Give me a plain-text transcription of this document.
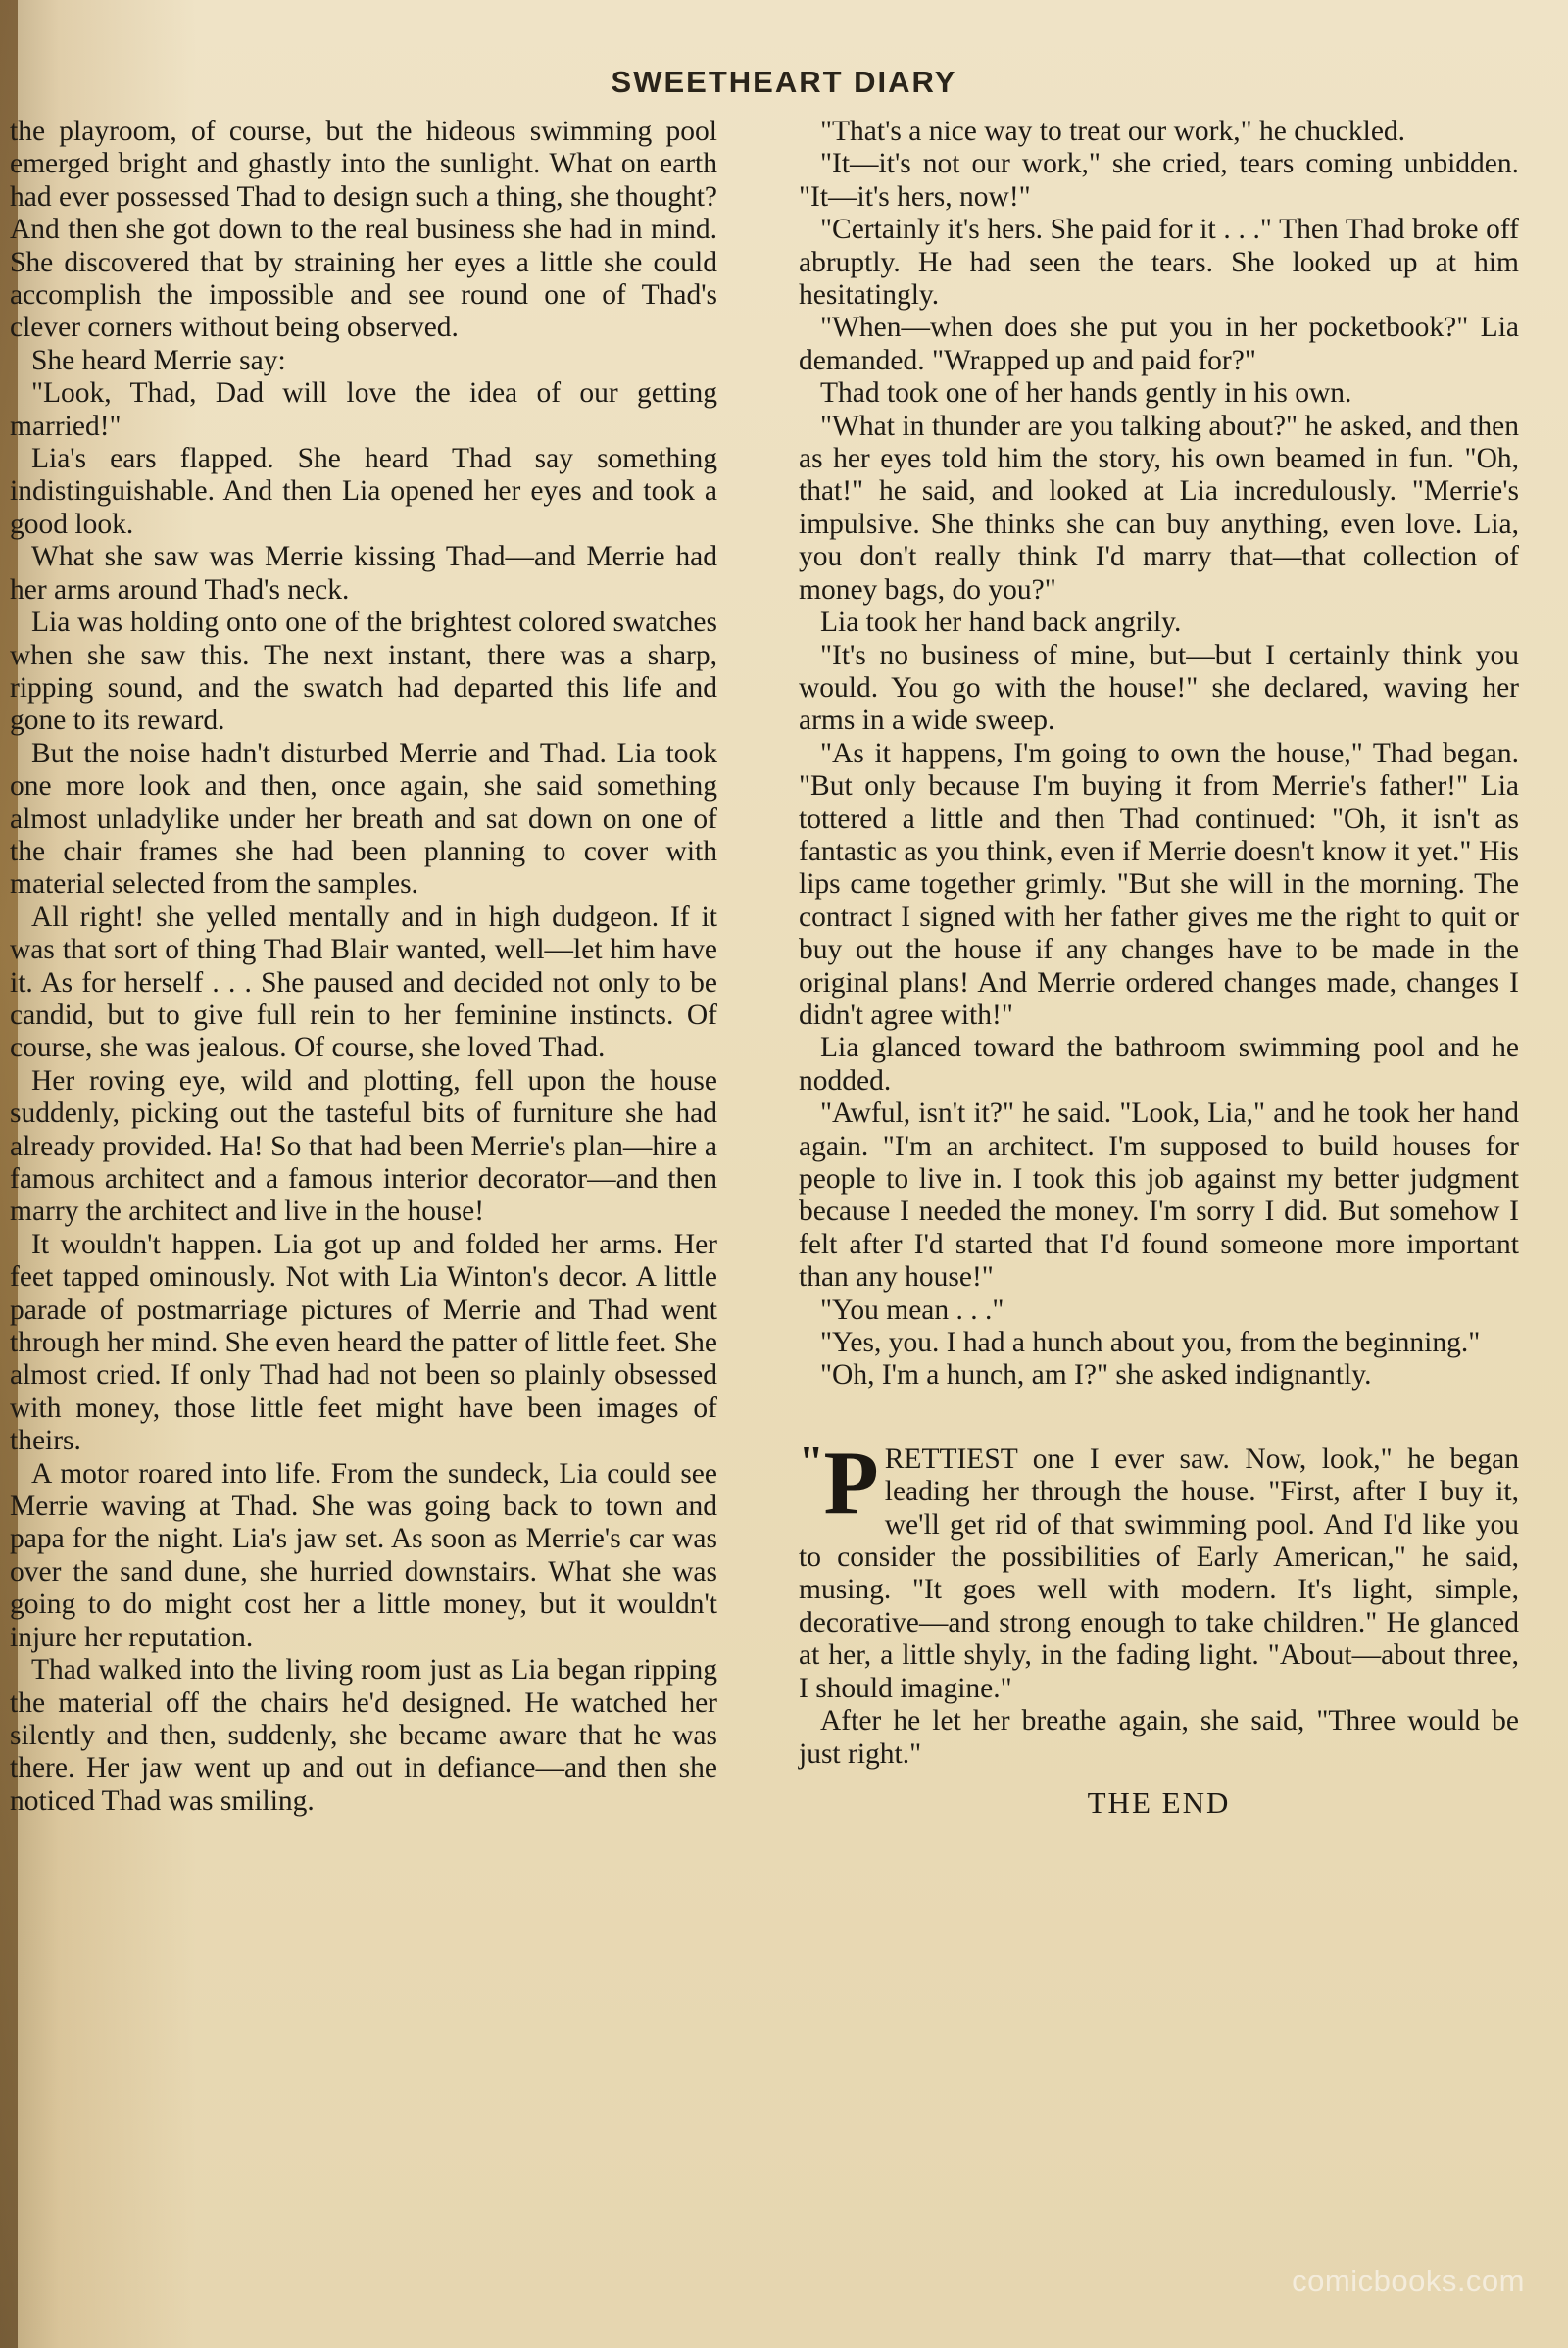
SWEETHEART DIARY

the playroom, of course, but the hideous swimming pool emerged bright and ghastly into the sunlight. What on earth had ever possessed Thad to design such a thing, she thought? And then she got down to the real business she had in mind. She discovered that by straining her eyes a little she could accomplish the impossible and see round one of Thad's clever corners without being observed.

She heard Merrie say:

"Look, Thad, Dad will love the idea of our getting married!"

Lia's ears flapped. She heard Thad say something indistinguishable. And then Lia opened her eyes and took a good look.

What she saw was Merrie kissing Thad—and Merrie had her arms around Thad's neck.

Lia was holding onto one of the brightest colored swatches when she saw this. The next instant, there was a sharp, ripping sound, and the swatch had departed this life and gone to its reward.

But the noise hadn't disturbed Merrie and Thad. Lia took one more look and then, once again, she said something almost unladylike under her breath and sat down on one of the chair frames she had been planning to cover with material selected from the samples.

All right! she yelled mentally and in high dudgeon. If it was that sort of thing Thad Blair wanted, well—let him have it. As for herself . . . She paused and decided not only to be candid, but to give full rein to her feminine instincts. Of course, she was jealous. Of course, she loved Thad.

Her roving eye, wild and plotting, fell upon the house suddenly, picking out the tasteful bits of furniture she had already provided. Ha! So that had been Merrie's plan—hire a famous architect and a famous interior decorator—and then marry the architect and live in the house!

It wouldn't happen. Lia got up and folded her arms. Her feet tapped ominously. Not with Lia Winton's decor. A little parade of postmarriage pictures of Merrie and Thad went through her mind. She even heard the patter of little feet. She almost cried. If only Thad had not been so plainly obsessed with money, those little feet might have been images of theirs.

A motor roared into life. From the sundeck, Lia could see Merrie waving at Thad. She was going back to town and papa for the night. Lia's jaw set. As soon as Merrie's car was over the sand dune, she hurried downstairs. What she was going to do might cost her a little money, but it wouldn't injure her reputation.

Thad walked into the living room just as Lia began ripping the material off the chairs he'd designed. He watched her silently and then, suddenly, she became aware that he was there. Her jaw went up and out in defiance—and then she noticed Thad was smiling.

"That's a nice way to treat our work," he chuckled.

"It—it's not our work," she cried, tears coming unbidden. "It—it's hers, now!"

"Certainly it's hers. She paid for it . . ." Then Thad broke off abruptly. He had seen the tears. She looked up at him hesitatingly.

"When—when does she put you in her pocketbook?" Lia demanded. "Wrapped up and paid for?"

Thad took one of her hands gently in his own.

"What in thunder are you talking about?" he asked, and then as her eyes told him the story, his own beamed in fun. "Oh, that!" he said, and looked at Lia incredulously. "Merrie's impulsive. She thinks she can buy anything, even love. Lia, you don't really think I'd marry that—that collection of money bags, do you?"

Lia took her hand back angrily.

"It's no business of mine, but—but I certainly think you would. You go with the house!" she declared, waving her arms in a wide sweep.

"As it happens, I'm going to own the house," Thad began. "But only because I'm buying it from Merrie's father!" Lia tottered a little and then Thad continued: "Oh, it isn't as fantastic as you think, even if Merrie doesn't know it yet." His lips came together grimly. "But she will in the morning. The contract I signed with her father gives me the right to quit or buy out the house if any changes have to be made in the original plans! And Merrie ordered changes made, changes I didn't agree with!"

Lia glanced toward the bathroom swimming pool and he nodded.

"Awful, isn't it?" he said. "Look, Lia," and he took her hand again. "I'm an architect. I'm supposed to build houses for people to live in. I took this job against my better judgment because I needed the money. I'm sorry I did. But somehow I felt after I'd started that I'd found someone more important than any house!"

"You mean . . ."

"Yes, you. I had a hunch about you, from the beginning."

"Oh, I'm a hunch, am I?" she asked indignantly.

"P RETTIEST one I ever saw. Now, look," he began leading her through the house. "First, after I buy it, we'll get rid of that swimming pool. And I'd like you to consider the possibilities of Early American," he said, musing. "It goes well with modern. It's light, simple, decorative—and strong enough to take children." He glanced at her, a little shyly, in the fading light. "About—about three, I should imagine."

After he let her breathe again, she said, "Three would be just right."

THE END
comicbooks.com
